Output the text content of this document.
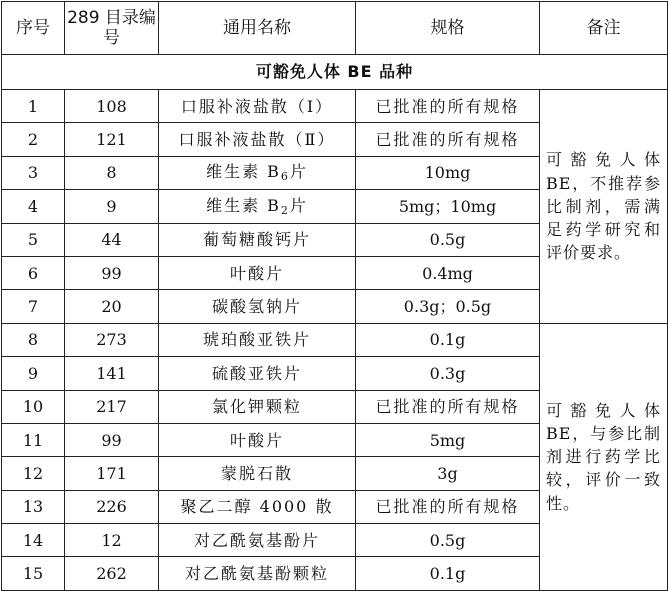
序号	289 目录编号	通用名称	规格	备注
可豁免人体 BE 品种				
1	108	口服补液盐散（Ⅰ）	已批准的所有规格	可豁免人体BE，不推荐参比制剂，需满足药学研究和评价要求。
2	121	口服补液盐散（Ⅱ）	已批准的所有规格	
3	8	维生素 $B_6$片	10mg	
4	9	维生素 $B_2$片	5mg；10mg	
5	44	葡萄糖酸钙片	0.5g	
6	99	叶酸片	0.4mg	
7	20	碳酸氢钠片	0.3g；0.5g	
8	273	琥珀酸亚铁片	0.1g	可豁免人体BE，与参比制剂进行药学比较，评价一致性。
9	141	硫酸亚铁片	0.3g	
10	217	氯化钾颗粒	已批准的所有规格	
11	99	叶酸片	5mg	
12	171	蒙脱石散	3g	
13	226	聚乙二醇 4000 散	已批准的所有规格	
14	12	对乙酰氨基酚片	0.5g	
15	262	对乙酰氨基酚颗粒	0.1g	
